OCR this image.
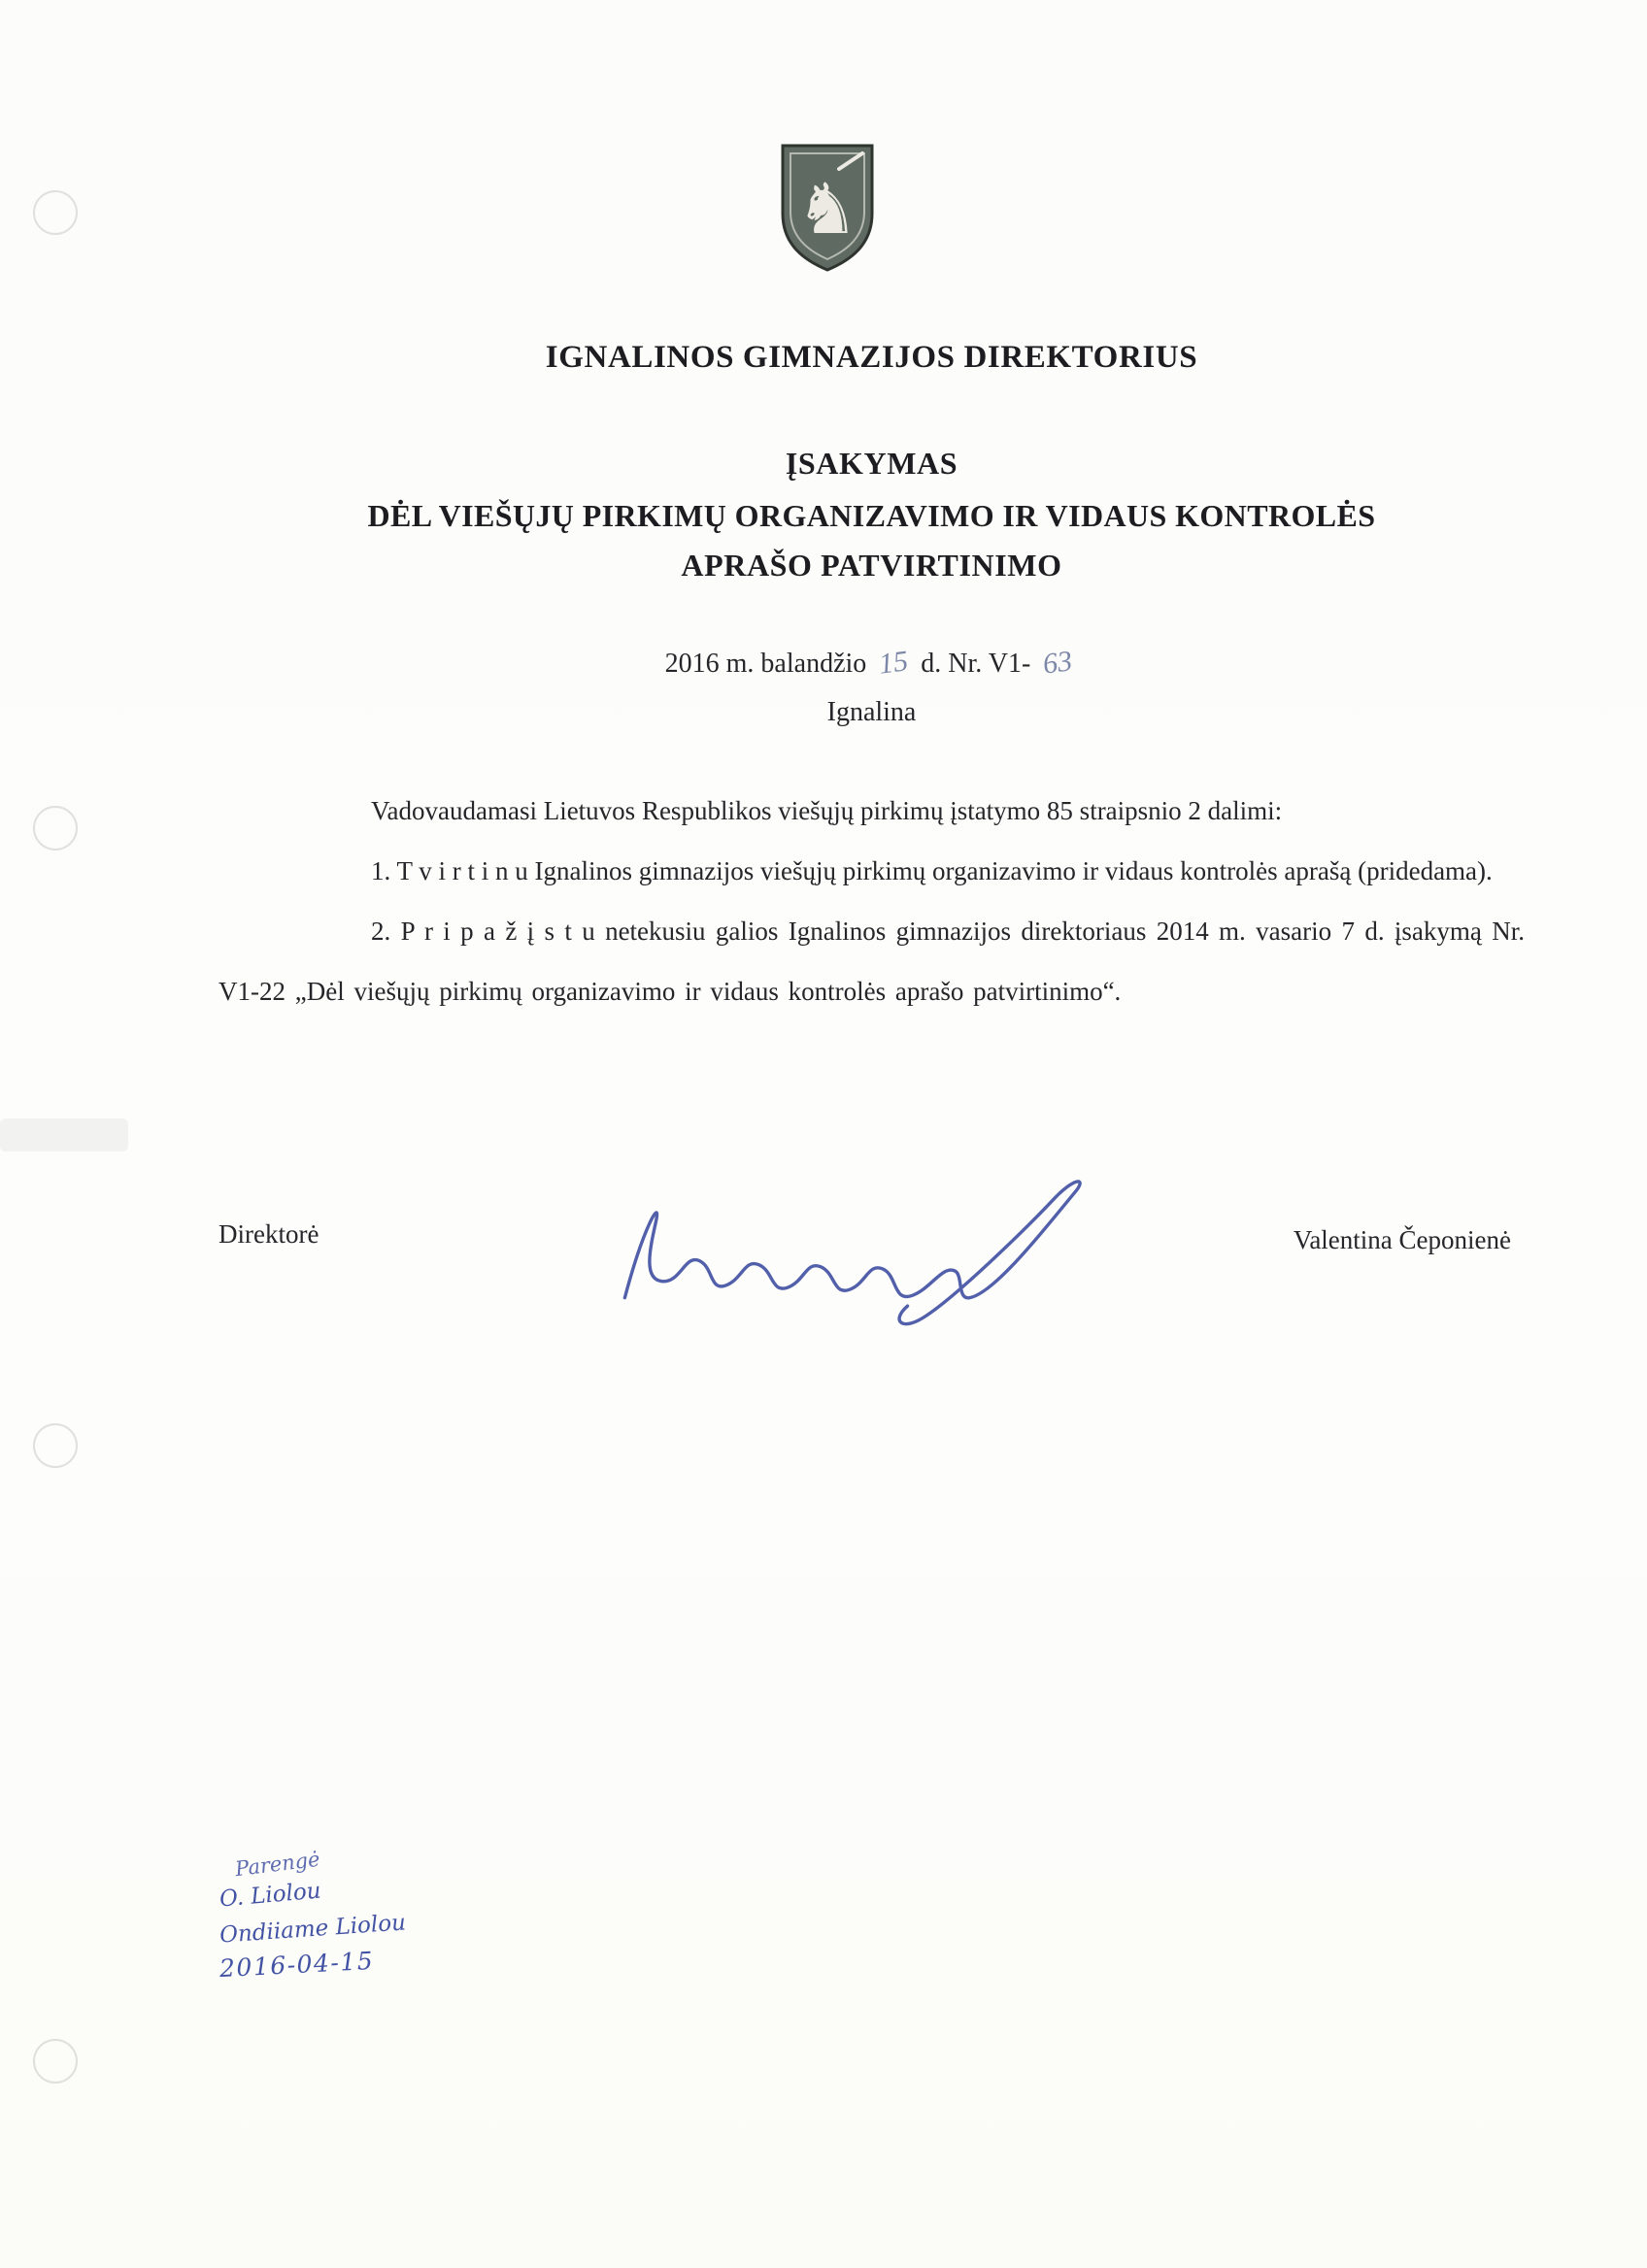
♞
IGNALINOS GIMNAZIJOS DIREKTORIUS
ĮSAKYMAS
DĖL VIEŠŲJŲ PIRKIMŲ ORGANIZAVIMO IR VIDAUS KONTROLĖS
APRAŠO PATVIRTINIMO
2016 m. balandžio 15 d. Nr. V1- 63
Ignalina

Vadovaudamasi Lietuvos Respublikos viešųjų pirkimų įstatymo 85 straipsnio 2 dalimi:

1. T v i r t i n u Ignalinos gimnazijos viešųjų pirkimų organizavimo ir vidaus kontrolės aprašą (pridedama).

2. P r i p a ž į s t u netekusiu galios Ignalinos gimnazijos direktoriaus 2014 m. vasario 7 d. įsakymą Nr. V1-22 „Dėl viešųjų pirkimų organizavimo ir vidaus kontrolės aprašo patvirtinimo“.

Direktorė	Valentina Čeponienė
Parengė
O. Liolou
Ondiiame Liolou
2016-04-15
